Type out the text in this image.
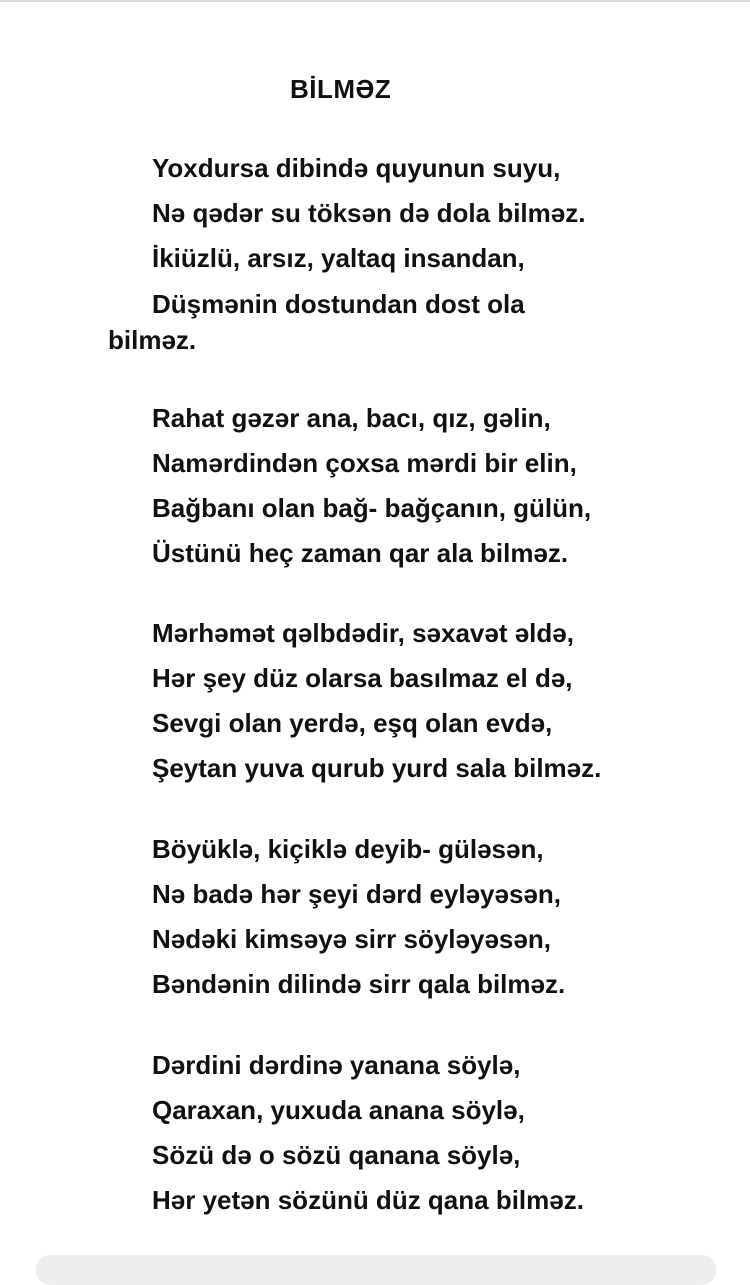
BİLMƏZ
Yoxdursa dibində quyunun suyu,
Nə qədər su töksən də dola bilməz.
İkiüzlü, arsız, yaltaq insandan,
Düşmənin dostundan dost ola bilməz.
Rahat gəzər ana, bacı, qız, gəlin,
Namərdindən çoxsa mərdi bir elin,
Bağbanı olan bağ- bağçanın, gülün,
Üstünü heç zaman qar ala bilməz.
Mərhəmət qəlbdədir, səxavət əldə,
Hər şey düz olarsa basılmaz el də,
Sevgi olan yerdə, eşq olan evdə,
Şeytan yuva qurub yurd sala bilməz.
Böyüklə, kiçiklə deyib- güləsən,
Nə badə hər şeyi dərd eyləyəsən,
Nədəki kimsəyə sirr söyləyəsən,
Bəndənin dilində sirr qala bilməz.
Dərdini dərdinə yanana söylə,
Qaraxan, yuxuda anana söylə,
Sözü də o sözü qanana söylə,
Hər yetən sözünü düz qana bilməz.
